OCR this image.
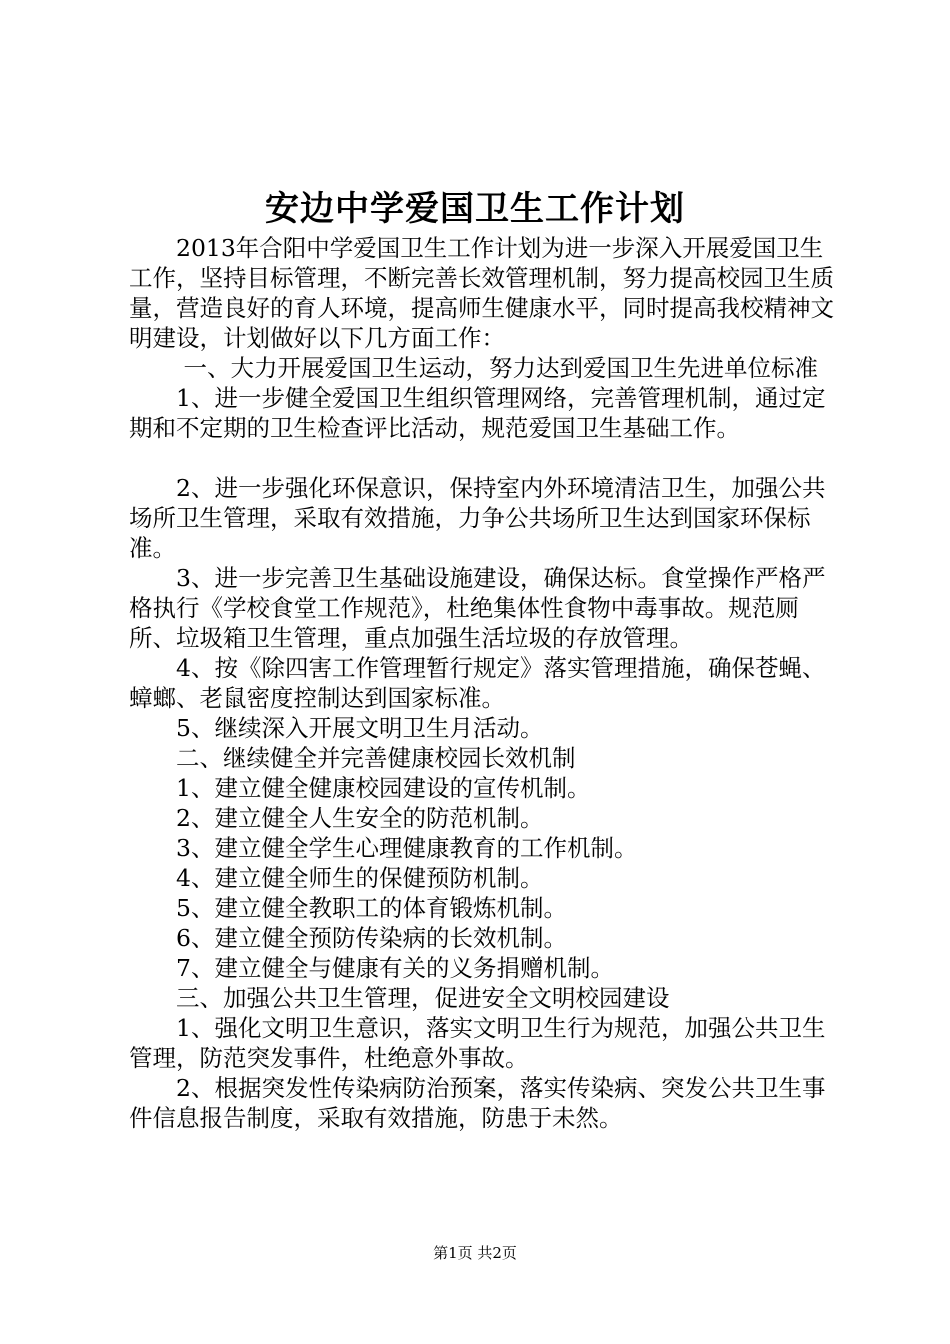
安边中学爱国卫生工作计划

2013年合阳中学爱国卫生工作计划为进一步深入开展爱国卫生工作，坚持目标管理，不断完善长效管理机制，努力提高校园卫生质量，营造良好的育人环境，提高师生健康水平，同时提高我校精神文明建设，计划做好以下几方面工作：

一、大力开展爱国卫生运动，努力达到爱国卫生先进单位标准

1、进一步健全爱国卫生组织管理网络，完善管理机制，通过定期和不定期的卫生检查评比活动，规范爱国卫生基础工作。

2、进一步强化环保意识，保持室内外环境清洁卫生，加强公共场所卫生管理，采取有效措施，力争公共场所卫生达到国家环保标准。

3、进一步完善卫生基础设施建设，确保达标。食堂操作严格严格执行《学校食堂工作规范》，杜绝集体性食物中毒事故。规范厕所、垃圾箱卫生管理，重点加强生活垃圾的存放管理。

4、按《除四害工作管理暂行规定》落实管理措施，确保苍蝇、蟑螂、老鼠密度控制达到国家标准。

5、继续深入开展文明卫生月活动。

二、继续健全并完善健康校园长效机制

1、建立健全健康校园建设的宣传机制。

2、建立健全人生安全的防范机制。

3、建立健全学生心理健康教育的工作机制。

4、建立健全师生的保健预防机制。

5、建立健全教职工的体育锻炼机制。

6、建立健全预防传染病的长效机制。

7、建立健全与健康有关的义务捐赠机制。

三、加强公共卫生管理，促进安全文明校园建设

1、强化文明卫生意识，落实文明卫生行为规范，加强公共卫生管理，防范突发事件，杜绝意外事故。

2、根据突发性传染病防治预案，落实传染病、突发公共卫生事件信息报告制度，采取有效措施，防患于未然。

第1页 共2页
